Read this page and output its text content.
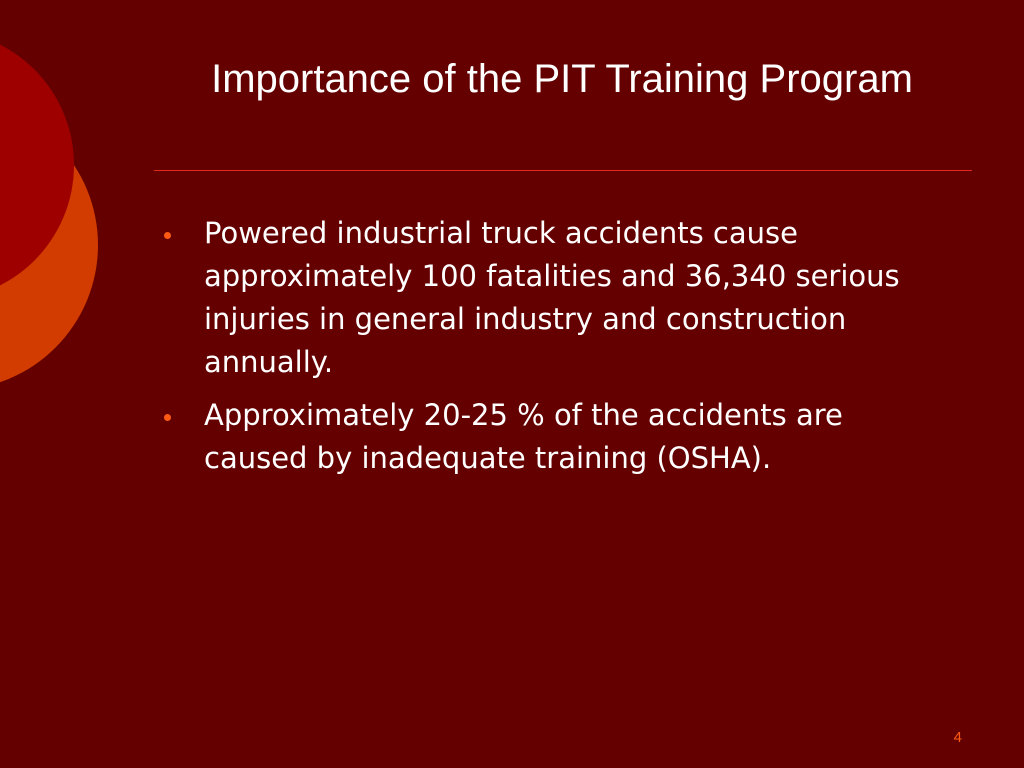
Importance of the PIT Training Program
Powered industrial truck accidents cause approximately 100 fatalities and 36,340 serious injuries in general industry and construction annually.
Approximately 20-25 % of the accidents are caused by inadequate training (OSHA).
4
